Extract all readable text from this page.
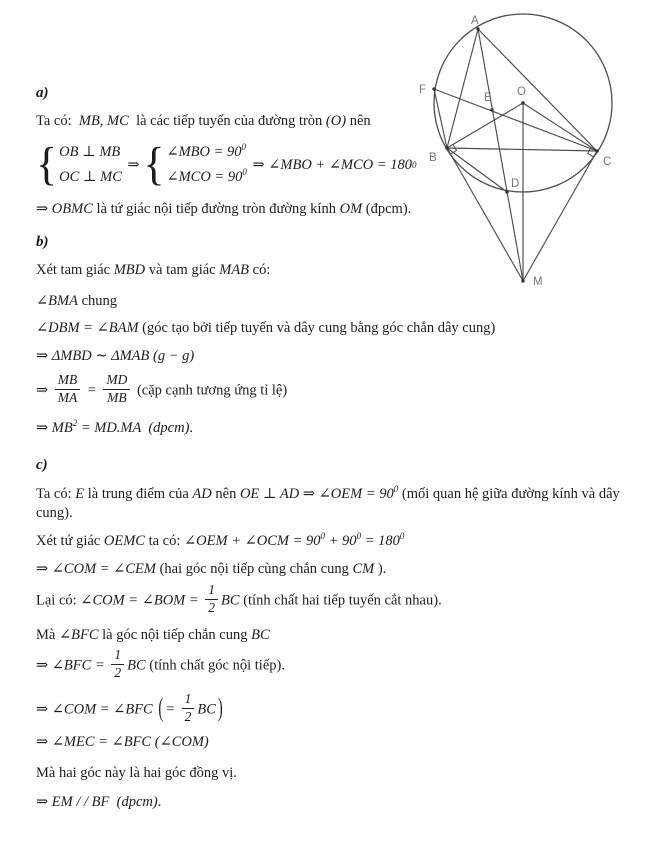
a)
Ta có:  MB, MC  là các tiếp tuyến của đường tròn (O) nên
{ OB ⊥ MB
OC ⊥ MC
⇒ { ∠MBO = $90^0$
∠MCO = $90^0$ ⇒ ∠MBO + ∠MCO = 180 0
⇒ OBMC là tứ giác nội tiếp đường tròn đường kính OM (đpcm).
b)
Xét tam giác MBD và tam giác MAB có:
∠BMA chung
∠DBM = ∠BAM (góc tạo bởi tiếp tuyến và dây cung bằng góc chắn dây cung)
⇒ ΔMBD ∼ ΔMAB (g − g)
⇒ $\frac{MB}{MA} = \frac{MD}{MB}$ (cặp cạnh tương ứng tỉ lệ)
⇒ $MB^2 = MD.MA$  (dpcm).
c)
Ta có: E là trung điểm của AD nên OE ⊥ AD ⇒ ∠OEM = $90^0$ (mối quan hệ giữa đường kính và dây cung).
Xét tứ giác OEMC ta có: ∠OEM + ∠OCM = $90^0 + 90^0 = 180^0$
⇒ ∠COM = ∠CEM (hai góc nội tiếp cùng chắn cung CM ).
Lại có: ∠COM = ∠BOM = $\frac{1}{2}$ BC (tính chất hai tiếp tuyến cắt nhau).
Mà ∠BFC là góc nội tiếp chắn cung BC
⇒ ∠BFC = $\frac{1}{2}$ BC (tính chất góc nội tiếp).
⇒ ∠COM = ∠BFC ( = $\frac{1}{2}$ BC )
⇒ ∠MEC = ∠BFC (∠COM)
Mà hai góc này là hai góc đồng vị.
⇒ EM / / BF  (dpcm).
A
F
E O
B	C
D
M
